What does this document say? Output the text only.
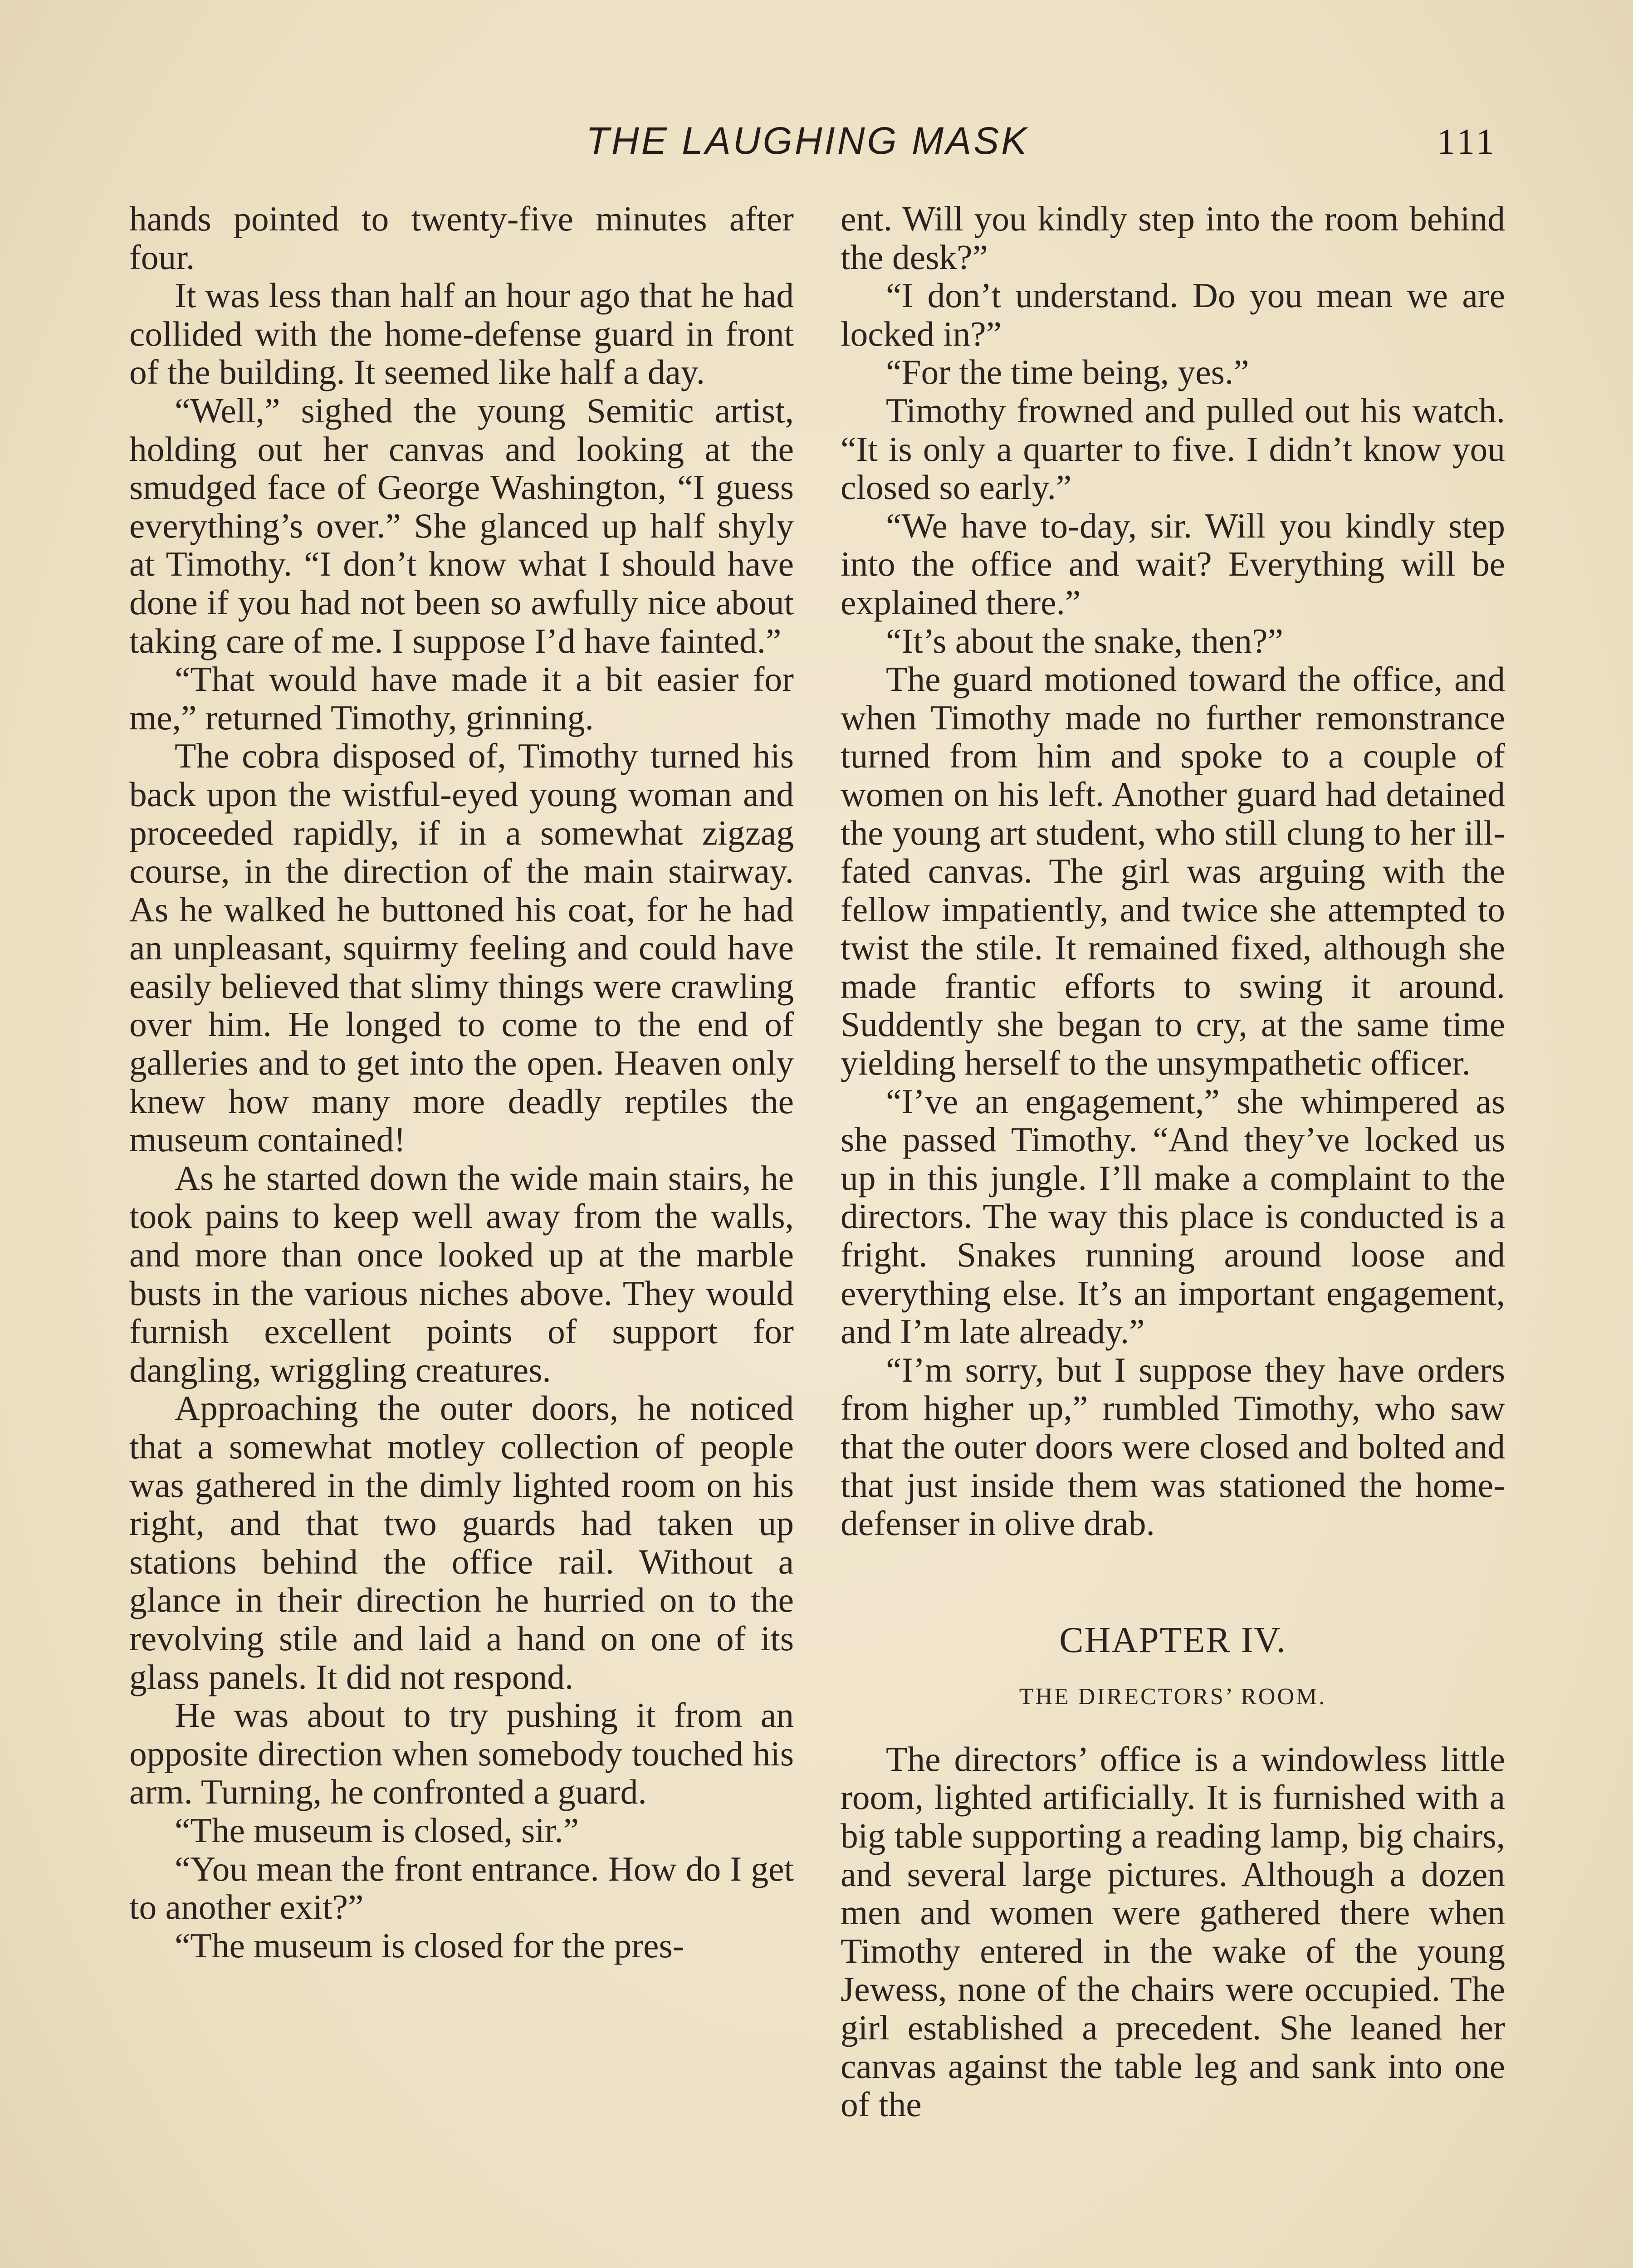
THE LAUGHING MASK	111

hands pointed to twenty-five minutes after four.

It was less than half an hour ago that he had collided with the home-defense guard in front of the building. It seemed like half a day.

“Well,” sighed the young Semitic artist, holding out her canvas and looking at the smudged face of George Washington, “I guess everything’s over.” She glanced up half shyly at Timothy. “I don’t know what I should have done if you had not been so awfully nice about taking care of me. I suppose I’d have fainted.”

“That would have made it a bit easier for me,” returned Timothy, grinning.

The cobra disposed of, Timothy turned his back upon the wistful-eyed young woman and proceeded rapidly, if in a somewhat zigzag course, in the direction of the main stairway. As he walked he buttoned his coat, for he had an unpleasant, squirmy feeling and could have easily believed that slimy things were crawling over him. He longed to come to the end of galleries and to get into the open. Heaven only knew how many more deadly reptiles the museum contained!

As he started down the wide main stairs, he took pains to keep well away from the walls, and more than once looked up at the marble busts in the various niches above. They would furnish excellent points of support for dangling, wriggling creatures.

Approaching the outer doors, he noticed that a somewhat motley collection of people was gathered in the dimly lighted room on his right, and that two guards had taken up stations behind the office rail. Without a glance in their direction he hurried on to the revolving stile and laid a hand on one of its glass panels. It did not respond.

He was about to try pushing it from an opposite direction when somebody touched his arm. Turning, he confronted a guard.

“The museum is closed, sir.”

“You mean the front entrance. How do I get to another exit?”

“The museum is closed for the pres-

ent. Will you kindly step into the room behind the desk?”

“I don’t understand. Do you mean we are locked in?”

“For the time being, yes.”

Timothy frowned and pulled out his watch. “It is only a quarter to five. I didn’t know you closed so early.”

“We have to-day, sir. Will you kindly step into the office and wait? Everything will be explained there.”

“It’s about the snake, then?”

The guard motioned toward the office, and when Timothy made no further remonstrance turned from him and spoke to a couple of women on his left. Another guard had detained the young art student, who still clung to her ill-fated canvas. The girl was arguing with the fellow impatiently, and twice she attempted to twist the stile. It remained fixed, although she made frantic efforts to swing it around. Suddently she began to cry, at the same time yielding herself to the unsympathetic officer.

“I’ve an engagement,” she whimpered as she passed Timothy. “And they’ve locked us up in this jungle. I’ll make a complaint to the directors. The way this place is conducted is a fright. Snakes running around loose and everything else. It’s an important engagement, and I’m late already.”

“I’m sorry, but I suppose they have orders from higher up,” rumbled Timothy, who saw that the outer doors were closed and bolted and that just inside them was stationed the home-defenser in olive drab.

CHAPTER IV.
THE DIRECTORS’ ROOM.

The directors’ office is a windowless little room, lighted artificially. It is furnished with a big table supporting a reading lamp, big chairs, and several large pictures. Although a dozen men and women were gathered there when Timothy entered in the wake of the young Jewess, none of the chairs were occupied. The girl established a precedent. She leaned her canvas against the table leg and sank into one of the
